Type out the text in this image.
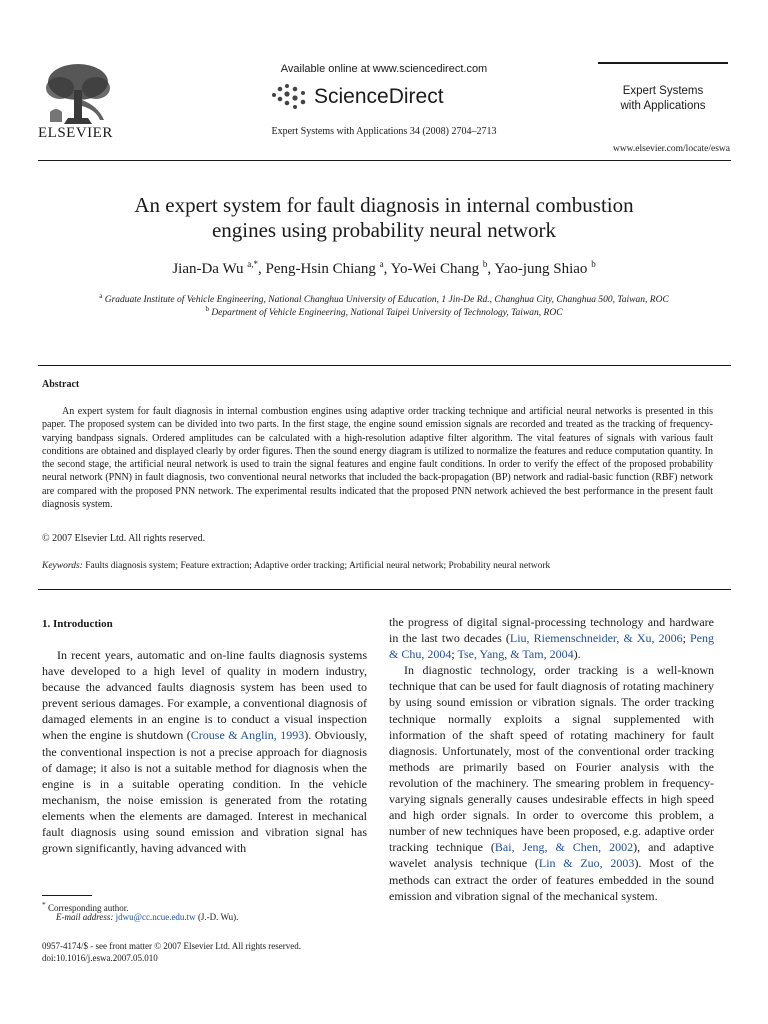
ELSEVIER
Available online at www.sciencedirect.com
ScienceDirect
Expert Systems with Applications 34 (2008) 2704–2713
Expert Systems
with Applications
www.elsevier.com/locate/eswa
An expert system for fault diagnosis in internal combustion
engines using probability neural network
Jian-Da Wu $^{a,*}$, Peng-Hsin Chiang $^a$, Yo-Wei Chang $^b$, Yao-jung Shiao $^b$
$^a$ Graduate Institute of Vehicle Engineering, National Changhua University of Education, 1 Jin-De Rd., Changhua City, Changhua 500, Taiwan, ROC
$^b$ Department of Vehicle Engineering, National Taipei University of Technology, Taiwan, ROC
Abstract
An expert system for fault diagnosis in internal combustion engines using adaptive order tracking technique and artificial neural networks is presented in this paper. The proposed system can be divided into two parts. In the first stage, the engine sound emission signals are recorded and treated as the tracking of frequency-varying bandpass signals. Ordered amplitudes can be calculated with a high-resolution adaptive filter algorithm. The vital features of signals with various fault conditions are obtained and displayed clearly by order figures. Then the sound energy diagram is utilized to normalize the features and reduce computation quantity. In the second stage, the artificial neural network is used to train the signal features and engine fault conditions. In order to verify the effect of the proposed probability neural network (PNN) in fault diagnosis, two conventional neural networks that included the back-propagation (BP) network and radial-basic function (RBF) network are compared with the proposed PNN network. The experimental results indicated that the proposed PNN network achieved the best performance in the present fault diagnosis system.
© 2007 Elsevier Ltd. All rights reserved.
Keywords: Faults diagnosis system; Feature extraction; Adaptive order tracking; Artificial neural network; Probability neural network
1. Introduction
In recent years, automatic and on-line faults diagnosis systems have developed to a high level of quality in modern industry, because the advanced faults diagnosis system has been used to prevent serious damages. For example, a conventional diagnosis of damaged elements in an engine is to conduct a visual inspection when the engine is shutdown (Crouse & Anglin, 1993). Obviously, the conventional inspection is not a precise approach for diagnosis of damage; it also is not a suitable method for diagnosis when the engine is in a suitable operating condition. In the vehicle mechanism, the noise emission is generated from the rotating elements when the elements are damaged. Interest in mechanical fault diagnosis using sound emission and vibration signal has grown significantly, having advanced with

the progress of digital signal-processing technology and hardware in the last two decades (Liu, Riemenschneider, & Xu, 2006; Peng & Chu, 2004; Tse, Yang, & Tam, 2004).

In diagnostic technology, order tracking is a well-known technique that can be used for fault diagnosis of rotating machinery by using sound emission or vibration signals. The order tracking technique normally exploits a signal supplemented with information of the shaft speed of rotating machinery for fault diagnosis. Unfortunately, most of the conventional order tracking methods are primarily based on Fourier analysis with the revolution of the machinery. The smearing problem in frequency-varying signals generally causes undesirable effects in high speed and high order signals. In order to overcome this problem, a number of new techniques have been proposed, e.g. adaptive order tracking technique (Bai, Jeng, & Chen, 2002), and adaptive wavelet analysis technique (Lin & Zuo, 2003). Most of the methods can extract the order of features embedded in the sound emission and vibration signal of the mechanical system.

* Corresponding author.
E-mail address: jdwu@cc.ncue.edu.tw (J.-D. Wu).
0957-4174/$ - see front matter © 2007 Elsevier Ltd. All rights reserved.
doi:10.1016/j.eswa.2007.05.010
